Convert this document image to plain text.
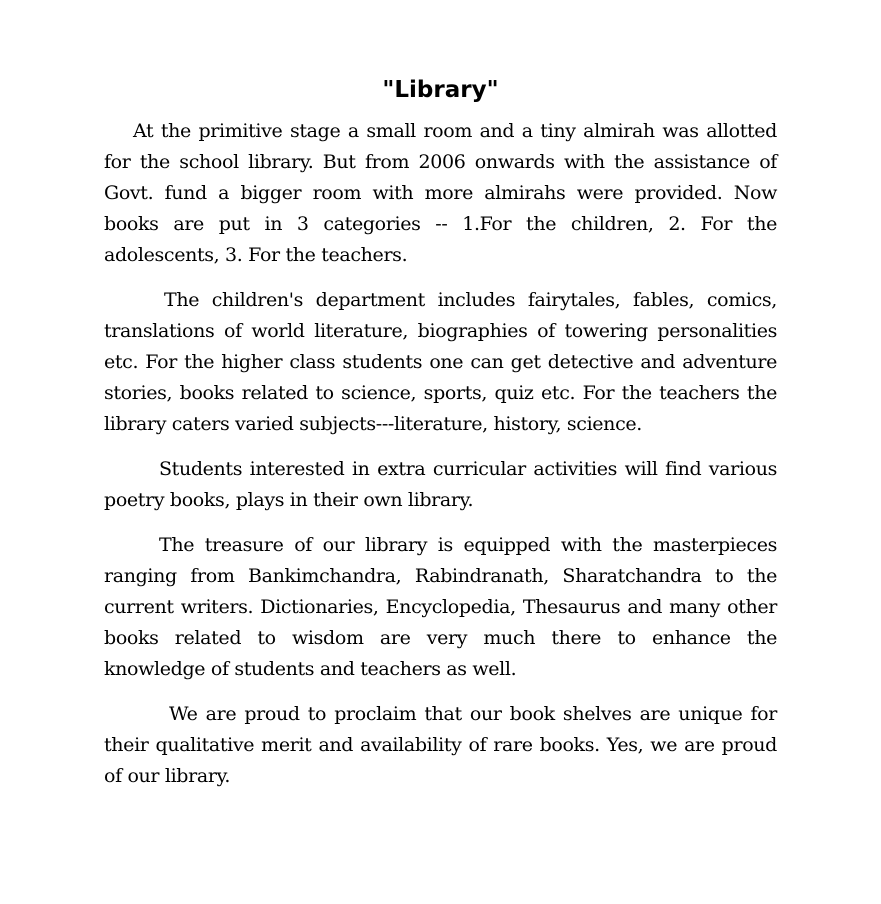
"Library"

At the primitive stage a small room and a tiny almirah was allotted for the school library. But from 2006 onwards with the assistance of Govt. fund a bigger room with more almirahs were provided. Now books are put in 3 categories -- 1.For the children, 2. For the adolescents, 3. For the teachers.

The children's department includes fairytales, fables, comics, translations of world literature, biographies of towering personalities etc. For the higher class students one can get detective and adventure stories, books related to science, sports, quiz etc. For the teachers the library caters varied subjects---literature, history, science.

Students interested in extra curricular activities will find various poetry books, plays in their own library.

The treasure of our library is equipped with the masterpieces ranging from Bankimchandra, Rabindranath, Sharatchandra to the current writers. Dictionaries, Encyclopedia, Thesaurus and many other books related to wisdom are very much there to enhance the knowledge of students and teachers as well.

We are proud to proclaim that our book shelves are unique for their qualitative merit and availability of rare books. Yes, we are proud of our library.
